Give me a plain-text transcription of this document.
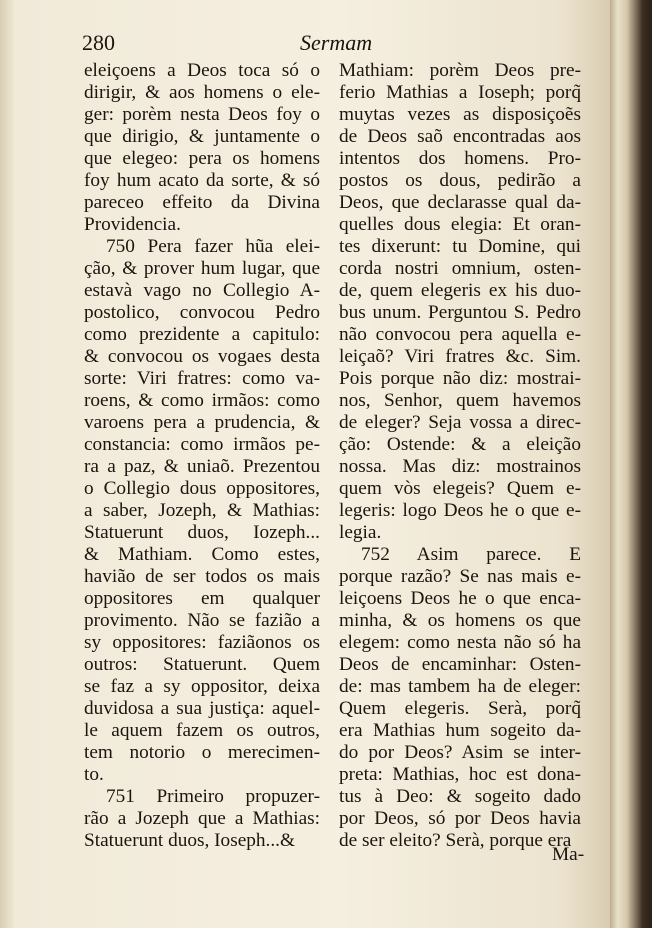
280	Sermam
eleiçoens a Deos toca só o
dirigir, & aos homens o ele-
ger: porèm nesta Deos foy o
que dirigio, & juntamente o
que elegeo: pera os homens
foy hum acato da sorte, & só
pareceo effeito da Divina
Providencia.
750 Pera fazer hũa elei-
ção, & prover hum lugar, que
estavà vago no Collegio A-
postolico, convocou Pedro
como prezidente a capitulo:
& convocou os vogaes desta
sorte: Viri fratres: como va-
roens, & como irmãos: como
varoens pera a prudencia, &
constancia: como irmãos pe-
ra a paz, & uniaõ. Prezentou
o Collegio dous oppositores,
a saber, Jozeph, & Mathias:
Statuerunt duos, Iozeph...
& Mathiam. Como estes,
havião de ser todos os mais
oppositores em qualquer
provimento. Não se fazião a
sy oppositores: faziãonos os
outros: Statuerunt. Quem
se faz a sy oppositor, deixa
duvidosa a sua justiça: aquel-
le aquem fazem os outros,
tem notorio o merecimen-
to.
751 Primeiro propuzer-
rão a Jozeph que a Mathias:
Statuerunt duos, Ioseph...&
Mathiam: porèm Deos pre-
ferio Mathias a Ioseph; porq̃
muytas vezes as disposiçoẽs
de Deos saõ encontradas aos
intentos dos homens. Pro-
postos os dous, pedirão a
Deos, que declarasse qual da-
quelles dous elegia: Et oran-
tes dixerunt: tu Domine, qui
corda nostri omnium, osten-
de, quem elegeris ex his duo-
bus unum. Perguntou S. Pedro
não convocou pera aquella e-
leiçaõ? Viri fratres &c. Sim.
Pois porque não diz: mostrai-
nos, Senhor, quem havemos
de eleger? Seja vossa a direc-
ção: Ostende: & a eleição
nossa. Mas diz: mostrainos
quem vòs elegeis? Quem e-
legeris: logo Deos he o que e-
legia.
752 Asim parece. E
porque razão? Se nas mais e-
leiçoens Deos he o que enca-
minha, & os homens os que
elegem: como nesta não só ha
Deos de encaminhar: Osten-
de: mas tambem ha de eleger:
Quem elegeris. Serà, porq̃
era Mathias hum sogeito da-
do por Deos? Asim se inter-
preta: Mathias, hoc est dona-
tus à Deo: & sogeito dado
por Deos, só por Deos havia
de ser eleito? Serà, porque era
Ma-
